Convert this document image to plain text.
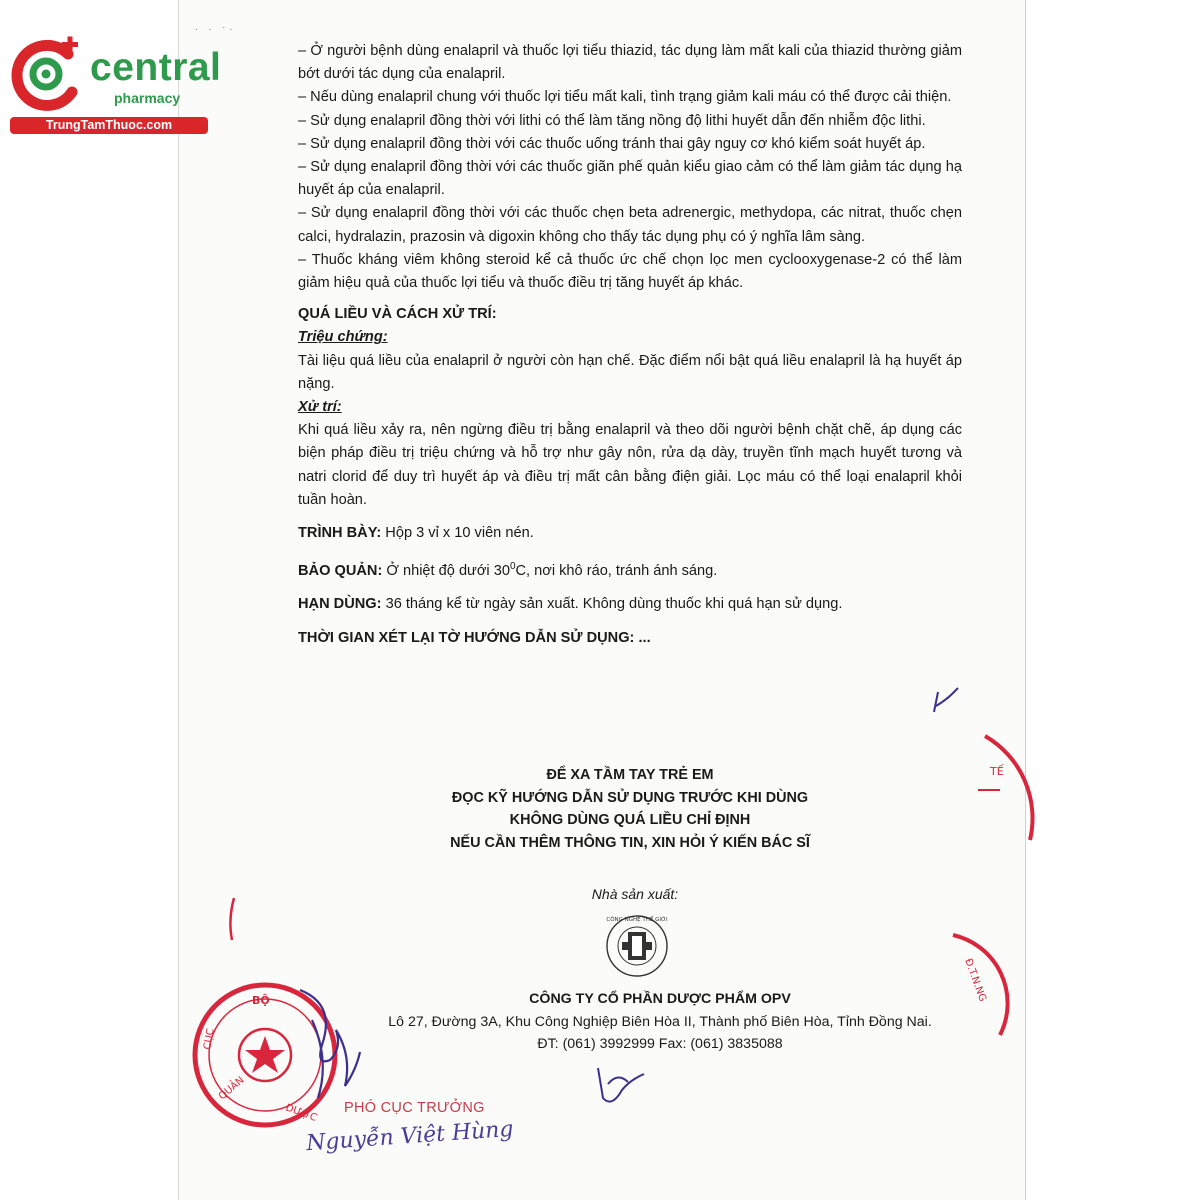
. . ·.
central
pharmacy
TrungTamThuoc.com

– Ở người bệnh dùng enalapril và thuốc lợi tiểu thiazid, tác dụng làm mất kali của thiazid thường giảm bớt dưới tác dụng của enalapril.

– Nếu dùng enalapril chung với thuốc lợi tiểu mất kali, tình trạng giảm kali máu có thể được cải thiện.

– Sử dụng enalapril đồng thời với lithi có thể làm tăng nồng độ lithi huyết dẫn đến nhiễm độc lithi.

– Sử dụng enalapril đồng thời với các thuốc uống tránh thai gây nguy cơ khó kiểm soát huyết áp.

– Sử dụng enalapril đồng thời với các thuốc giãn phế quản kiểu giao cảm có thể làm giảm tác dụng hạ huyết áp của enalapril.

– Sử dụng enalapril đồng thời với các thuốc chẹn beta adrenergic, methydopa, các nitrat, thuốc chẹn calci, hydralazin, prazosin và digoxin không cho thấy tác dụng phụ có ý nghĩa lâm sàng.

– Thuốc kháng viêm không steroid kể cả thuốc ức chế chọn lọc men cyclooxygenase-2 có thể làm giảm hiệu quả của thuốc lợi tiểu và thuốc điều trị tăng huyết áp khác.

QUÁ LIỀU VÀ CÁCH XỬ TRÍ:

Triệu chứng:

Tài liệu quá liều của enalapril ở người còn hạn chế. Đặc điểm nổi bật quá liều enalapril là hạ huyết áp nặng.

Xử trí:

Khi quá liều xảy ra, nên ngừng điều trị bằng enalapril và theo dõi người bệnh chặt chẽ, áp dụng các biện pháp điều trị triệu chứng và hỗ trợ như gây nôn, rửa dạ dày, truyền tĩnh mạch huyết tương và natri clorid để duy trì huyết áp và điều trị mất cân bằng điện giải. Lọc máu có thể loại enalapril khỏi tuần hoàn.

TRÌNH BÀY: Hộp 3 vỉ x 10 viên nén.

BẢO QUẢN: Ở nhiệt độ dưới $30^0C$, nơi khô ráo, tránh ánh sáng.

HẠN DÙNG: 36 tháng kể từ ngày sản xuất. Không dùng thuốc khi quá hạn sử dụng.

THỜI GIAN XÉT LẠI TỜ HƯỚNG DẪN SỬ DỤNG: ...

ĐỂ XA TẦM TAY TRẺ EM
ĐỌC KỸ HƯỚNG DẪN SỬ DỤNG TRƯỚC KHI DÙNG
KHÔNG DÙNG QUÁ LIỀU CHỈ ĐỊNH
NẾU CẦN THÊM THÔNG TIN, XIN HỎI Ý KIẾN BÁC SĨ
Nhà sản xuất:
CÔNG TY CỔ PHẦN DƯỢC PHẨM OPV
Lô 27, Đường 3A, Khu Công Nghiệp Biên Hòa II, Thành phố Biên Hòa, Tỉnh Đồng Nai.
ĐT: (061) 3992999 Fax: (061) 3835088
PHÓ CỤC TRƯỞNG
Nguyễn Việt Hùng
CÔNG NGHỆ THẾ GIỚI
TẾ
Đ.T.N.NG
BỘ
CỤC
QUẢN
DƯỢC
